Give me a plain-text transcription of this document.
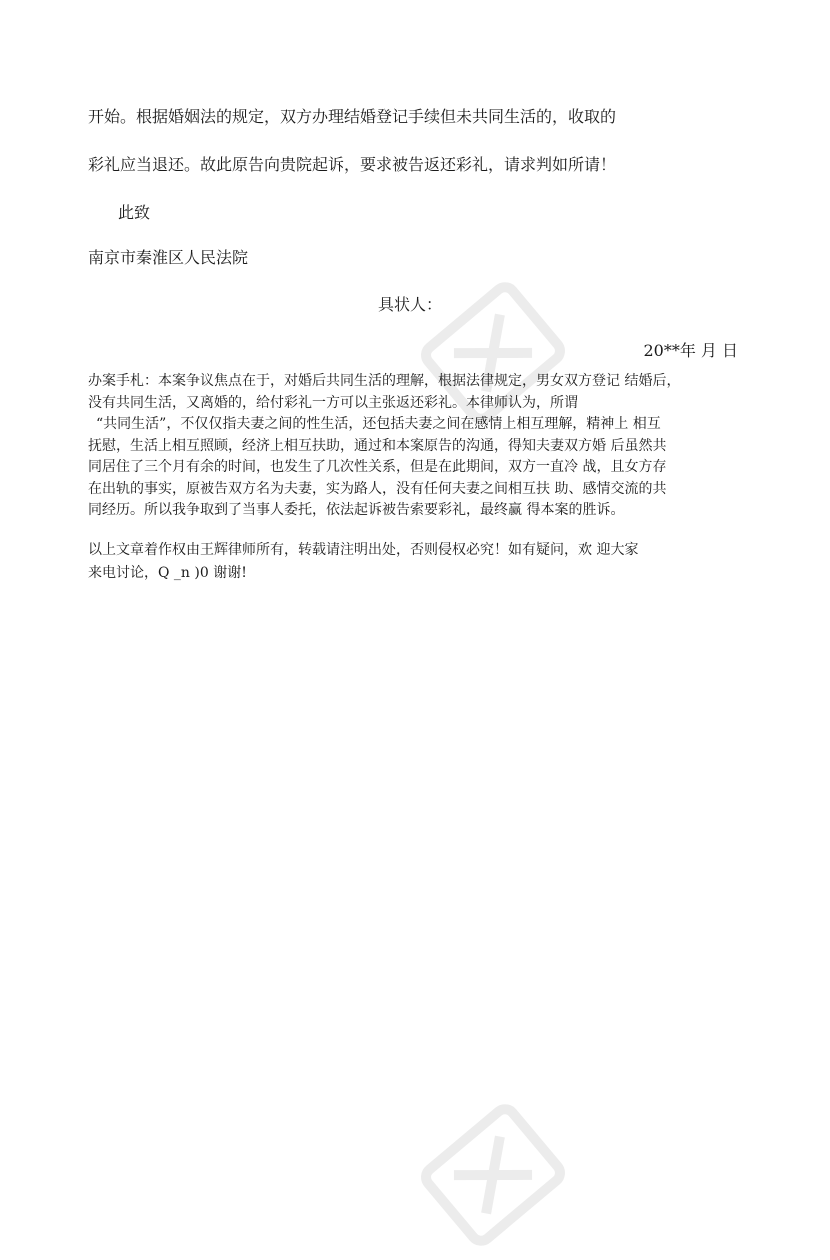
开始。根据婚姻法的规定，双方办理结婚登记手续但未共同生活的，收取的
彩礼应当退还。故此原告向贵院起诉，要求被告返还彩礼，请求判如所请！
此致
南京市秦淮区人民法院
具状人：
20**年 月 日
办案手札：本案争议焦点在于，对婚后共同生活的理解，根据法律规定，男女双方登记 结婚后，
没有共同生活，又离婚的，给付彩礼一方可以主张返还彩礼。本律师认为，所谓
“共同生活”，不仅仅指夫妻之间的性生活，还包括夫妻之间在感情上相互理解，精神上 相互
抚慰，生活上相互照顾，经济上相互扶助，通过和本案原告的沟通，得知夫妻双方婚 后虽然共
同居住了三个月有余的时间，也发生了几次性关系，但是在此期间，双方一直冷 战，且女方存
在出轨的事实，原被告双方名为夫妻，实为路人，没有任何夫妻之间相互扶 助、感情交流的共
同经历。所以我争取到了当事人委托，依法起诉被告索要彩礼，最终赢 得本案的胜诉。
以上文章着作权由王辉律师所有，转载请注明出处，否则侵权必究！如有疑问，欢 迎大家
来电讨论，Q _n )0 谢谢!
